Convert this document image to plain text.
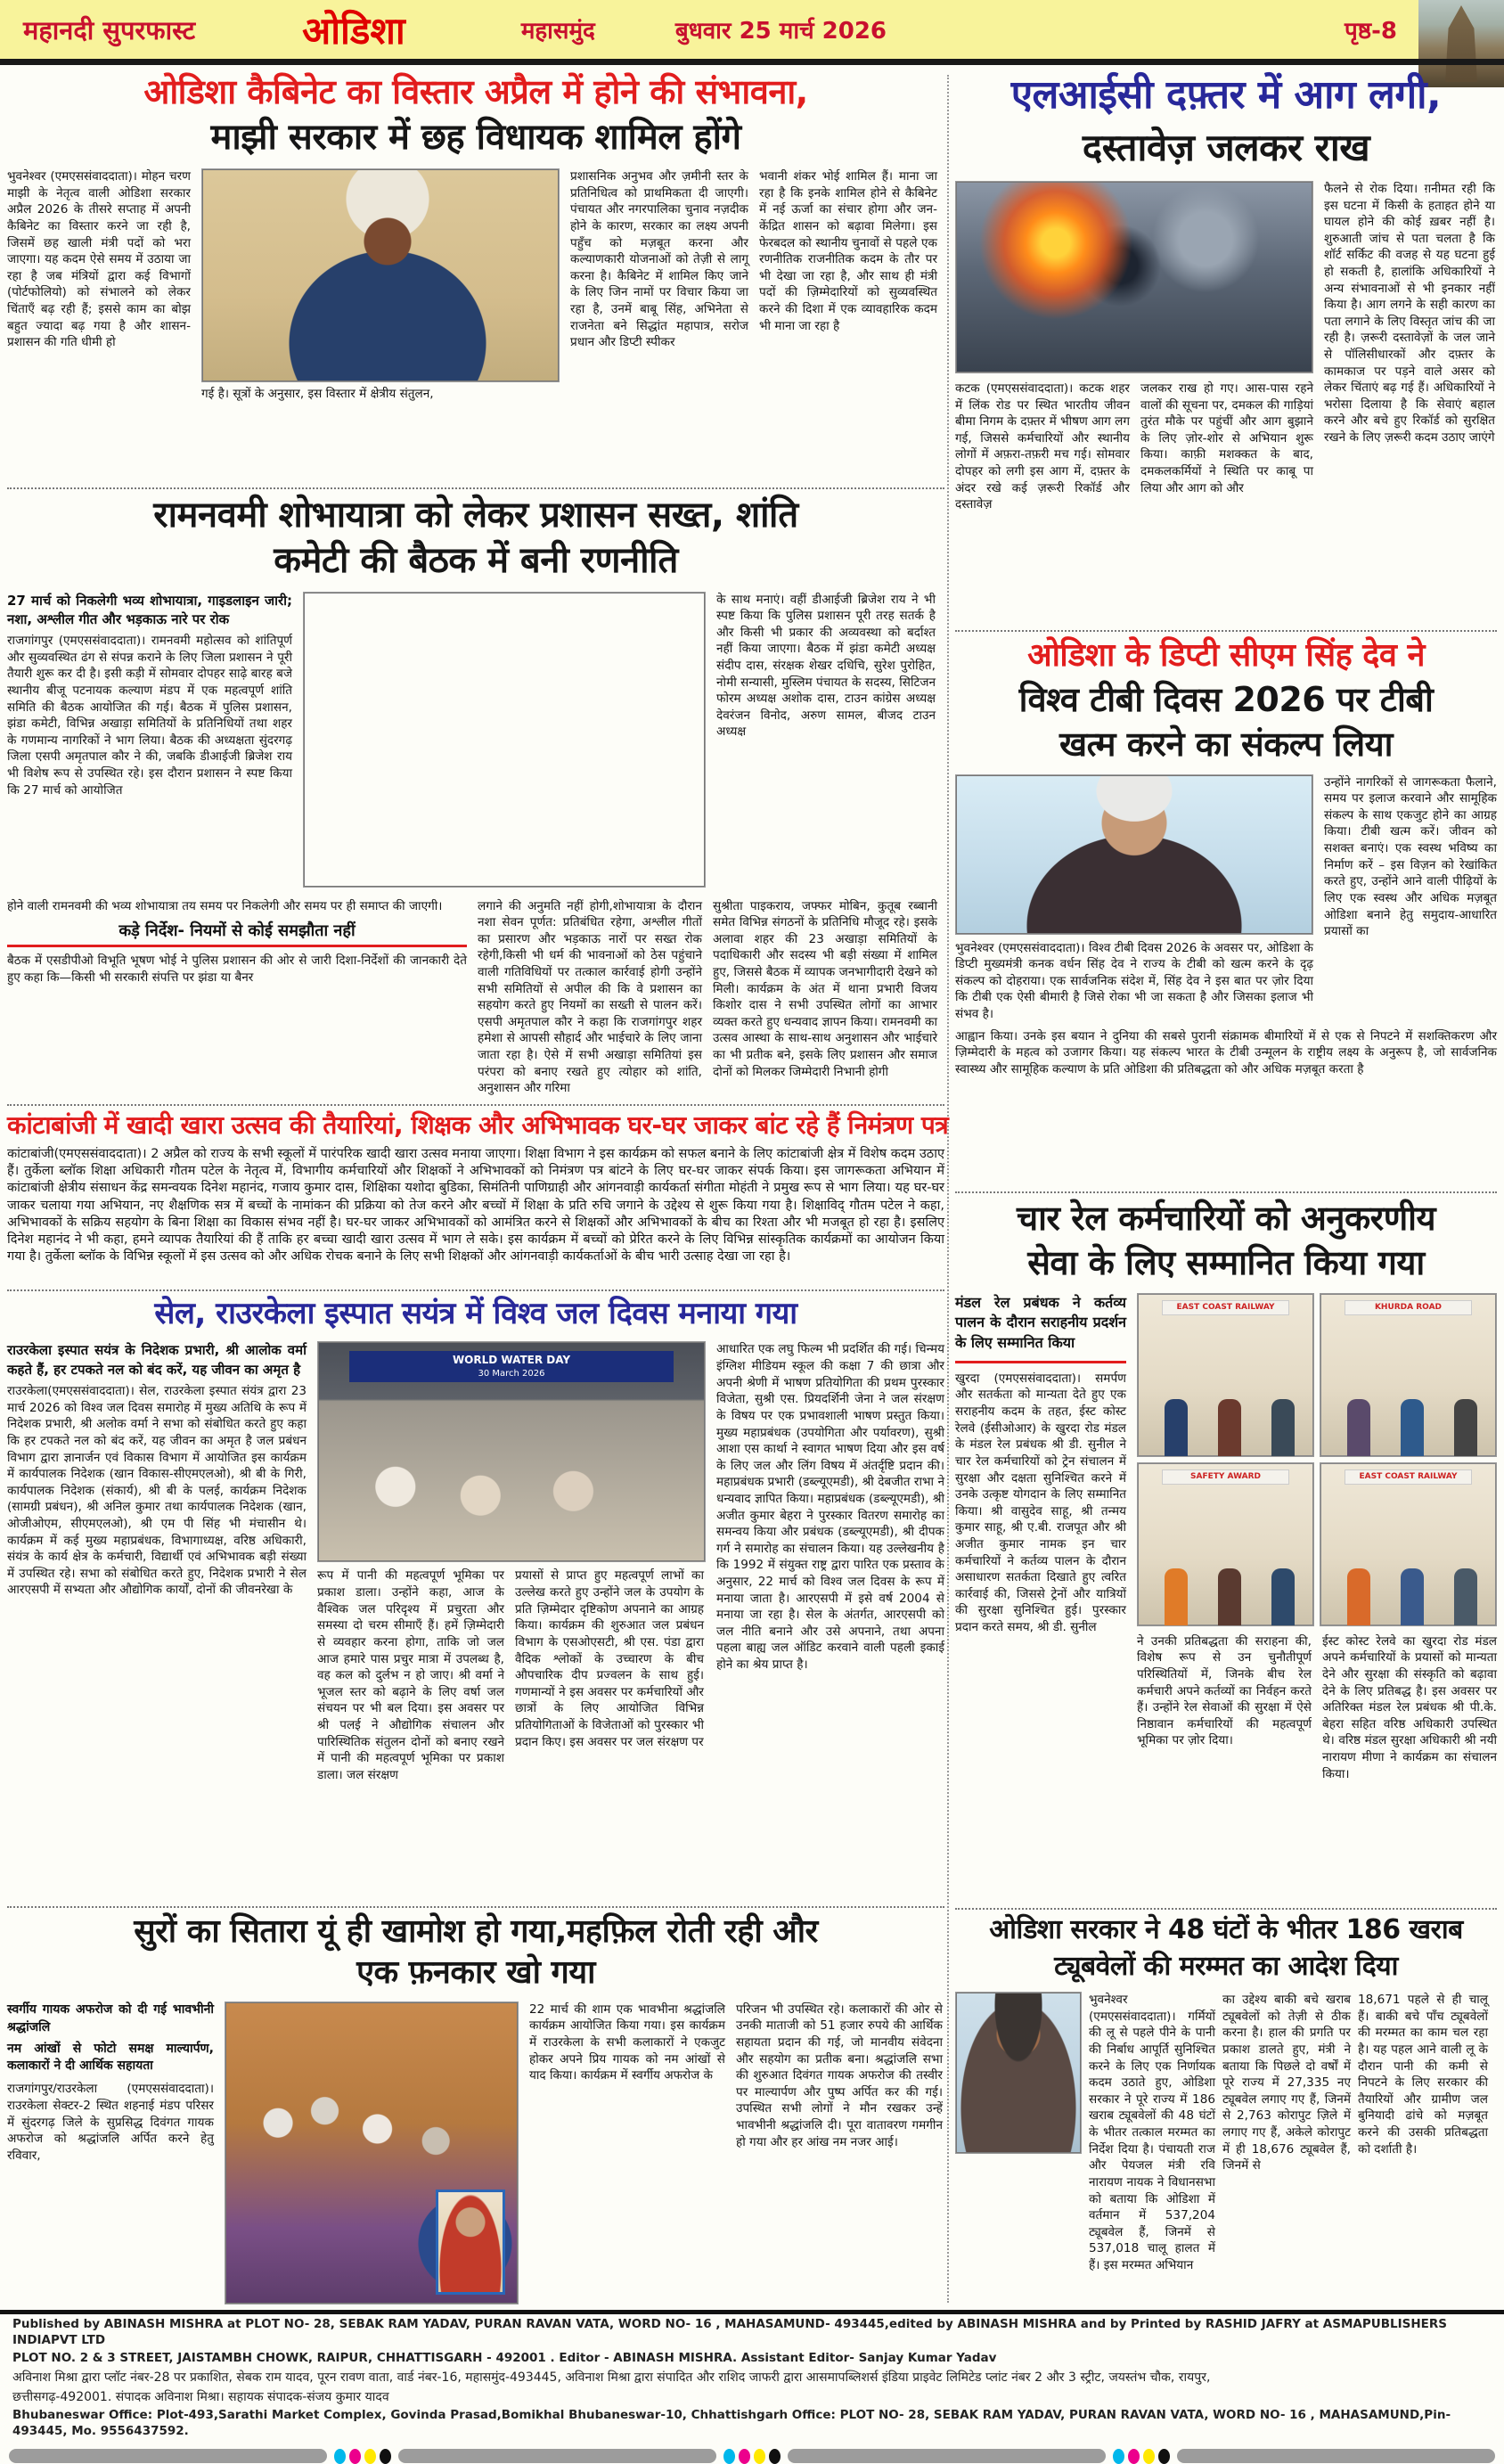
महानदी सुपरफास्ट	ओडिशा	महासमुंद	बुधवार 25 मार्च 2026	पृष्ठ-8
ओडिशा कैबिनेट का विस्तार अप्रैल में होने की संभावना,
माझी सरकार में छह विधायक शामिल होंगे
भुवनेश्वर (एमएससंवाददाता)। मोहन चरण माझी के नेतृत्व वाली ओडिशा सरकार अप्रैल 2026 के तीसरे सप्ताह में अपनी कैबिनेट का विस्तार करने जा रही है, जिसमें छह खाली मंत्री पदों को भरा जाएगा। यह कदम ऐसे समय में उठाया जा रहा है जब मंत्रियों द्वारा कई विभागों (पोर्टफोलियो) को संभालने को लेकर चिंताएँ बढ़ रही हैं; इससे काम का बोझ बहुत ज्यादा बढ़ गया है और शासन-प्रशासन की गति धीमी हो
गई है। सूत्रों के अनुसार, इस विस्तार में क्षेत्रीय संतुलन,
प्रशासनिक अनुभव और ज़मीनी स्तर के प्रतिनिधित्व को प्राथमिकता दी जाएगी। पंचायत और नगरपालिका चुनाव नज़दीक होने के कारण, सरकार का लक्ष्य अपनी पहुँच को मज़बूत करना और कल्याणकारी योजनाओं को तेज़ी से लागू करना है। कैबिनेट में शामिल किए जाने के लिए जिन नामों पर विचार किया जा रहा है, उनमें बाबू सिंह, अभिनेता से राजनेता बने सिद्धांत महापात्र, सरोज प्रधान और डिप्टी स्पीकर
भवानी शंकर भोई शामिल हैं। माना जा रहा है कि इनके शामिल होने से कैबिनेट में नई ऊर्जा का संचार होगा और जन-केंद्रित शासन को बढ़ावा मिलेगा। इस फेरबदल को स्थानीय चुनावों से पहले एक रणनीतिक राजनीतिक कदम के तौर पर भी देखा जा रहा है, और साथ ही मंत्री पदों की ज़िम्मेदारियों को सुव्यवस्थित करने की दिशा में एक व्यावहारिक कदम भी माना जा रहा है
रामनवमी शोभायात्रा को लेकर प्रशासन सख्त, शांति
कमेटी की बैठक में बनी रणनीति
27 मार्च को निकलेगी भव्य शोभायात्रा, गाइडलाइन जारी; नशा, अश्लील गीत और भड़काऊ नारे पर रोक
राजगांगपुर (एमएससंवाददाता)। रामनवमी महोत्सव को शांतिपूर्ण और सुव्यवस्थित ढंग से संपन्न कराने के लिए जिला प्रशासन ने पूरी तैयारी शुरू कर दी है। इसी कड़ी में सोमवार दोपहर साढ़े बारह बजे स्थानीय बीजू पटनायक कल्याण मंडप में एक महत्वपूर्ण शांति समिति की बैठक आयोजित की गई। बैठक में पुलिस प्रशासन, झंडा कमेटी, विभिन्न अखाड़ा समितियों के प्रतिनिधियों तथा शहर के गणमान्य नागरिकों ने भाग लिया। बैठक की अध्यक्षता सुंदरगढ़ जिला एसपी अमृतपाल कौर ने की, जबकि डीआईजी ब्रिजेश राय भी विशेष रूप से उपस्थित रहे। इस दौरान प्रशासन ने स्पष्ट किया कि 27 मार्च को आयोजित
के साथ मनाएं। वहीं डीआईजी ब्रिजेश राय ने भी स्पष्ट किया कि पुलिस प्रशासन पूरी तरह सतर्क है और किसी भी प्रकार की अव्यवस्था को बर्दाश्त नहीं किया जाएगा। बैठक में झंडा कमेटी अध्यक्ष संदीप दास, संरक्षक शेखर दधिचि, सुरेश पुरोहित, नोमी सन्यासी, मुस्लिम पंचायत के सदस्य, सिटिजन फोरम अध्यक्ष अशोक दास, टाउन कांग्रेस अध्यक्ष देवरंजन विनोद, अरुण सामल, बीजद टाउन अध्यक्ष
होने वाली रामनवमी की भव्य शोभायात्रा तय समय पर निकलेगी और समय पर ही समाप्त की जाएगी।
कड़े निर्देश- नियमों से कोई समझौता नहीं
बैठक में एसडीपीओ विभूति भूषण भोई ने पुलिस प्रशासन की ओर से जारी दिशा-निर्देशों की जानकारी देते हुए कहा कि—किसी भी सरकारी संपत्ति पर झंडा या बैनर
लगाने की अनुमति नहीं होगी,शोभायात्रा के दौरान नशा सेवन पूर्णत: प्रतिबंधित रहेगा, अश्लील गीतों का प्रसारण और भड़काऊ नारों पर सख्त रोक रहेगी,किसी भी धर्म की भावनाओं को ठेस पहुंचाने वाली गतिविधियों पर तत्काल कार्रवाई होगी उन्होंने सभी समितियों से अपील की कि वे प्रशासन का सहयोग करते हुए नियमों का सख्ती से पालन करें। एसपी अमृतपाल कौर ने कहा कि राजगांगपुर शहर हमेशा से आपसी सौहार्द और भाईचारे के लिए जाना जाता रहा है। ऐसे में सभी अखाड़ा समितियां इस परंपरा को बनाए रखते हुए त्योहार को शांति, अनुशासन और गरिमा
सुश्रीता पाइकराय, जफ्फर मोबिन, कुतूब रब्बानी समेत विभिन्न संगठनों के प्रतिनिधि मौजूद रहे। इसके अलावा शहर की 23 अखाड़ा समितियों के पदाधिकारी और सदस्य भी बड़ी संख्या में शामिल हुए, जिससे बैठक में व्यापक जनभागीदारी देखने को मिली। कार्यक्रम के अंत में थाना प्रभारी विजय किशोर दास ने सभी उपस्थित लोगों का आभार व्यक्त करते हुए धन्यवाद ज्ञापन किया। रामनवमी का उत्सव आस्था के साथ-साथ अनुशासन और भाईचारे का भी प्रतीक बने, इसके लिए प्रशासन और समाज दोनों को मिलकर जिम्मेदारी निभानी होगी
कांटाबांजी में खादी खारा उत्सव की तैयारियां, शिक्षक और अभिभावक घर-घर जाकर बांट रहे हैं निमंत्रण पत्र
कांटाबांजी(एमएससंवाददाता)। 2 अप्रैल को राज्य के सभी स्कूलों में पारंपरिक खादी खारा उत्सव मनाया जाएगा। शिक्षा विभाग ने इस कार्यक्रम को सफल बनाने के लिए कांटाबांजी क्षेत्र में विशेष कदम उठाए हैं। तुर्केला ब्लॉक शिक्षा अधिकारी गौतम पटेल के नेतृत्व में, विभागीय कर्मचारियों और शिक्षकों ने अभिभावकों को निमंत्रण पत्र बांटने के लिए घर-घर जाकर संपर्क किया। इस जागरूकता अभियान में कांटाबांजी क्षेत्रीय संसाधन केंद्र समन्वयक दिनेश महानंद, गजाय कुमार दास, शिक्षिका यशोदा बुडिका, सिमंतिनी पाणिग्राही और आंगनवाड़ी कार्यकर्ता संगीता मोहंती ने प्रमुख रूप से भाग लिया। यह घर-घर जाकर चलाया गया अभियान, नए शैक्षणिक सत्र में बच्चों के नामांकन की प्रक्रिया को तेज करने और बच्चों में शिक्षा के प्रति रुचि जगाने के उद्देश्य से शुरू किया गया है। शिक्षाविद् गौतम पटेल ने कहा, अभिभावकों के सक्रिय सहयोग के बिना शिक्षा का विकास संभव नहीं है। घर-घर जाकर अभिभावकों को आमंत्रित करने से शिक्षकों और अभिभावकों के बीच का रिश्ता और भी मजबूत हो रहा है। इसलिए दिनेश महानंद ने भी कहा, हमने व्यापक तैयारियां की हैं ताकि हर बच्चा खादी खारा उत्सव में भाग ले सके। इस कार्यक्रम में बच्चों को प्रेरित करने के लिए विभिन्न सांस्कृतिक कार्यक्रमों का आयोजन किया गया है। तुर्केला ब्लॉक के विभिन्न स्कूलों में इस उत्सव को और अधिक रोचक बनाने के लिए सभी शिक्षकों और आंगनवाड़ी कार्यकर्ताओं के बीच भारी उत्साह देखा जा रहा है।
सेल, राउरकेला इस्पात सयंत्र में विश्व जल दिवस मनाया गया
राउरकेला इस्पात सयंत्र के निदेशक प्रभारी, श्री आलोक वर्मा कहते हैं, हर टपकते नल को बंद करें, यह जीवन का अमृत है
राउरकेला(एमएससंवाददाता)। सेल, राउरकेला इस्पात संयंत्र द्वारा 23 मार्च 2026 को विश्व जल दिवस समारोह में मुख्य अतिथि के रूप में निदेशक प्रभारी, श्री अलोक वर्मा ने सभा को संबोधित करते हुए कहा कि हर टपकते नल को बंद करें, यह जीवन का अमृत है जल प्रबंधन विभाग द्वारा ज्ञानार्जन एवं विकास विभाग में आयोजित इस कार्यक्रम में कार्यपालक निदेशक (खान विकास-सीएमएलओ), श्री बी के गिरी, कार्यपालक निदेशक (संकार्य), श्री बी के पलई, कार्यक्रम निदेशक (सामग्री प्रबंधन), श्री अनिल कुमार तथा कार्यपालक निदेशक (खान, ओजीओएम, सीएमएलओ), श्री एम पी सिंह भी मंचासीन थे। कार्यक्रम में कई मुख्य महाप्रबंधक, विभागाध्यक्ष, वरिष्ठ अधिकारी, संयंत्र के कार्य क्षेत्र के कर्मचारी, विद्यार्थी एवं अभिभावक बड़ी संख्या में उपस्थित रहे। सभा को संबोधित करते हुए, निदेशक प्रभारी ने सेल आरएसपी में सभ्यता और औद्योगिक कार्यों, दोनों की जीवनरेखा के
WORLD WATER DAY
30 March 2026
रूप में पानी की महत्वपूर्ण भूमिका पर प्रकाश डाला। उन्होंने कहा, आज के वैश्विक जल परिदृश्य में प्रचुरता और समस्या दो चरम सीमाएँ हैं। हमें ज़िम्मेदारी से व्यवहार करना होगा, ताकि जो जल आज हमारे पास प्रचुर मात्रा में उपलब्ध है, वह कल को दुर्लभ न हो जाए। श्री वर्मा ने भूजल स्तर को बढ़ाने के लिए वर्षा जल संचयन पर भी बल दिया। इस अवसर पर श्री पलई ने औद्योगिक संचालन और पारिस्थितिक संतुलन दोनों को बनाए रखने में पानी की महत्वपूर्ण भूमिका पर प्रकाश डाला। जल संरक्षण
प्रयासों से प्राप्त हुए महत्वपूर्ण लाभों का उल्लेख करते हुए उन्होंने जल के उपयोग के प्रति ज़िम्मेदार दृष्टिकोण अपनाने का आग्रह किया। कार्यक्रम की शुरुआत जल प्रबंधन विभाग के एसओएसटी, श्री एस. पंडा द्वारा वैदिक श्लोकों के उच्चारण के बीच औपचारिक दीप प्रज्वलन के साथ हुई। गणमान्यों ने इस अवसर पर कर्मचारियों और छात्रों के लिए आयोजित विभिन्न प्रतियोगिताओं के विजेताओं को पुरस्कार भी प्रदान किए। इस अवसर पर जल संरक्षण पर
आधारित एक लघु फिल्म भी प्रदर्शित की गई। चिन्मय इंग्लिश मीडियम स्कूल की कक्षा 7 की छात्रा और अपनी श्रेणी में भाषण प्रतियोगिता की प्रथम पुरस्कार विजेता, सुश्री एस. प्रियदर्शिनी जेना ने जल संरक्षण के विषय पर एक प्रभावशाली भाषण प्रस्तुत किया। मुख्य महाप्रबंधक (उपयोगिता और पर्यावरण), सुश्री आशा एस कार्था ने स्वागत भाषण दिया और इस वर्ष के लिए जल और लिंग विषय में अंतर्दृष्टि प्रदान की। महाप्रबंधक प्रभारी (डब्ल्यूएमडी), श्री देबजीत राभा ने धन्यवाद ज्ञापित किया। महाप्रबंधक (डब्ल्यूएमडी), श्री अजीत कुमार बेहरा ने पुरस्कार वितरण समारोह का समन्वय किया और प्रबंधक (डब्ल्यूएमडी), श्री दीपक गर्ग ने समारोह का संचालन किया। यह उल्लेखनीय है कि 1992 में संयुक्त राष्ट्र द्वारा पारित एक प्रस्ताव के अनुसार, 22 मार्च को विश्व जल दिवस के रूप में मनाया जाता है। आरएसपी में इसे वर्ष 2004 से मनाया जा रहा है। सेल के अंतर्गत, आरएसपी को जल नीति बनाने और उसे अपनाने, तथा अपना पहला बाह्य जल ऑडिट करवाने वाली पहली इकाई होने का श्रेय प्राप्त है।
सुरों का सितारा यूं ही खामोश हो गया,महफ़िल रोती रही और
एक फ़नकार खो गया
स्वर्गीय गायक अफरोज को दी गई भावभीनी श्रद्धांजलि
नम आंखों से फोटो समक्ष माल्यार्पण, कलाकारों ने दी आर्थिक सहायता
राजगांगपुर/राउरकेला (एमएससंवाददाता)। राउरकेला सेक्टर-2 स्थित शहनाई मंडप परिसर में सुंदरगढ़ जिले के सुप्रसिद्ध दिवंगत गायक अफरोज को श्रद्धांजलि अर्पित करने हेतु रविवार,
22 मार्च की शाम एक भावभीना श्रद्धांजलि कार्यक्रम आयोजित किया गया। इस कार्यक्रम में राउरकेला के सभी कलाकारों ने एकजुट होकर अपने प्रिय गायक को नम आंखों से याद किया। कार्यक्रम में स्वर्गीय अफरोज के
परिजन भी उपस्थित रहे। कलाकारों की ओर से उनकी माताजी को 51 हजार रुपये की आर्थिक सहायता प्रदान की गई, जो मानवीय संवेदना और सहयोग का प्रतीक बना। श्रद्धांजलि सभा की शुरुआत दिवंगत गायक अफरोज की तस्वीर पर माल्यार्पण और पुष्प अर्पित कर की गई। उपस्थित सभी लोगों ने मौन रखकर उन्हें भावभीनी श्रद्धांजलि दी। पूरा वातावरण गमगीन हो गया और हर आंख नम नजर आई।
एलआईसी दफ़्तर में आग लगी,
दस्तावेज़ जलकर राख
कटक (एमएससंवाददाता)। कटक शहर में लिंक रोड पर स्थित भारतीय जीवन बीमा निगम के दफ़्तर में भीषण आग लग गई, जिससे कर्मचारियों और स्थानीय लोगों में अफ़रा-तफ़री मच गई। सोमवार दोपहर को लगी इस आग में, दफ़्तर के अंदर रखे कई ज़रूरी रिकॉर्ड और दस्तावेज़
जलकर राख हो गए। आस-पास रहने वालों की सूचना पर, दमकल की गाड़ियां तुरंत मौके पर पहुंचीं और आग बुझाने के लिए ज़ोर-शोर से अभियान शुरू किया। काफ़ी मशक्कत के बाद, दमकलकर्मियों ने स्थिति पर काबू पा लिया और आग को और
फैलने से रोक दिया। ग़नीमत रही कि इस घटना में किसी के हताहत होने या घायल होने की कोई ख़बर नहीं है। शुरुआती जांच से पता चलता है कि शॉर्ट सर्किट की वजह से यह घटना हुई हो सकती है, हालांकि अधिकारियों ने अन्य संभावनाओं से भी इनकार नहीं किया है। आग लगने के सही कारण का पता लगाने के लिए विस्तृत जांच की जा रही है। ज़रूरी दस्तावेज़ों के जल जाने से पॉलिसीधारकों और दफ़्तर के कामकाज पर पड़ने वाले असर को लेकर चिंताएं बढ़ गई हैं। अधिकारियों ने भरोसा दिलाया है कि सेवाएं बहाल करने और बचे हुए रिकॉर्ड को सुरक्षित रखने के लिए ज़रूरी कदम उठाए जाएंगे
ओडिशा के डिप्टी सीएम सिंह देव ने
विश्व टीबी दिवस 2026 पर टीबी
खत्म करने का संकल्प लिया
भुवनेश्वर (एमएससंवाददाता)। विश्व टीबी दिवस 2026 के अवसर पर, ओडिशा के डिप्टी मुख्यमंत्री कनक वर्धन सिंह देव ने राज्य के टीबी को खत्म करने के दृढ़ संकल्प को दोहराया। एक सार्वजनिक संदेश में, सिंह देव ने इस बात पर ज़ोर दिया कि टीबी एक ऐसी बीमारी है जिसे रोका भी जा सकता है और जिसका इलाज भी संभव है।
उन्होंने नागरिकों से जागरूकता फैलाने, समय पर इलाज करवाने और सामूहिक संकल्प के साथ एकजुट होने का आग्रह किया। टीबी खत्म करें। जीवन को सशक्त बनाएं। एक स्वस्थ भविष्य का निर्माण करें – इस विज़न को रेखांकित करते हुए, उन्होंने आने वाली पीढ़ियों के लिए एक स्वस्थ और अधिक मज़बूत ओडिशा बनाने हेतु समुदाय-आधारित प्रयासों का
आह्वान किया। उनके इस बयान ने दुनिया की सबसे पुरानी संक्रामक बीमारियों में से एक से निपटने में सशक्तिकरण और ज़िम्मेदारी के महत्व को उजागर किया। यह संकल्प भारत के टीबी उन्मूलन के राष्ट्रीय लक्ष्य के अनुरूप है, जो सार्वजनिक स्वास्थ्य और सामूहिक कल्याण के प्रति ओडिशा की प्रतिबद्धता को और अधिक मज़बूत करता है
चार रेल कर्मचारियों को अनुकरणीय
सेवा के लिए सम्मानित किया गया
मंडल रेल प्रबंधक ने कर्तव्य पालन के दौरान सराहनीय प्रदर्शन के लिए सम्मानित किया
खुरदा (एमएससंवाददाता)। समर्पण और सतर्कता को मान्यता देते हुए एक सराहनीय कदम के तहत, ईस्ट कोस्ट रेलवे (ईसीओआर) के खुरदा रोड मंडल के मंडल रेल प्रबंधक श्री डी. सुनील ने चार रेल कर्मचारियों को ट्रेन संचालन में सुरक्षा और दक्षता सुनिश्चित करने में उनके उत्कृष्ट योगदान के लिए सम्मानित किया। श्री वासुदेव साहू, श्री तन्मय कुमार साहू, श्री ए.बी. राजपूत और श्री अजीत कुमार नामक इन चार कर्मचारियों ने कर्तव्य पालन के दौरान असाधारण सतर्कता दिखाते हुए त्वरित कार्रवाई की, जिससे ट्रेनों और यात्रियों की सुरक्षा सुनिश्चित हुई। पुरस्कार प्रदान करते समय, श्री डी. सुनील
EAST COAST RAILWAY	KHURDA ROAD
SAFETY AWARD	EAST COAST RAILWAY
ने उनकी प्रतिबद्धता की सराहना की, विशेष रूप से उन चुनौतीपूर्ण परिस्थितियों में, जिनके बीच रेल कर्मचारी अपने कर्तव्यों का निर्वहन करते हैं। उन्होंने रेल सेवाओं की सुरक्षा में ऐसे निष्ठावान कर्मचारियों की महत्वपूर्ण भूमिका पर ज़ोर दिया।
ईस्ट कोस्ट रेलवे का खुरदा रोड मंडल अपने कर्मचारियों के प्रयासों को मान्यता देने और सुरक्षा की संस्कृति को बढ़ावा देने के लिए प्रतिबद्ध है। इस अवसर पर अतिरिक्त मंडल रेल प्रबंधक श्री पी.के. बेहरा सहित वरिष्ठ अधिकारी उपस्थित थे। वरिष्ठ मंडल सुरक्षा अधिकारी श्री नयी नारायण मीणा ने कार्यक्रम का संचालन किया।
ओडिशा सरकार ने 48 घंटों के भीतर 186 खराब
ट्यूबवेलों की मरम्मत का आदेश दिया
भुवनेश्वर (एमएससंवाददाता)। गर्मियों की लू से पहले पीने के पानी की निर्बाध आपूर्ति सुनिश्चित करने के लिए एक निर्णायक कदम उठाते हुए, ओडिशा सरकार ने पूरे राज्य में 186 खराब ट्यूबवेलों की 48 घंटों के भीतर तत्काल मरम्मत का निर्देश दिया है। पंचायती राज और पेयजल मंत्री रवि नारायण नायक ने विधानसभा को बताया कि ओडिशा में वर्तमान में 537,204 ट्यूबवेल हैं, जिनमें से 537,018 चालू हालत में हैं। इस मरम्मत अभियान
का उद्देश्य बाकी बचे खराब ट्यूबवेलों को तेज़ी से ठीक करना है। हाल की प्रगति पर प्रकाश डालते हुए, मंत्री ने बताया कि पिछले दो वर्षों में पूरे राज्य में 27,335 नए ट्यूबवेल लगाए गए हैं, जिनमें से 2,763 कोरापुट ज़िले में लगाए गए हैं, अकेले कोरापुट में ही 18,676 ट्यूबवेल हैं, जिनमें से
18,671 पहले से ही चालू हैं। बाकी बचे पाँच ट्यूबवेलों की मरम्मत का काम चल रहा है। यह पहल आने वाली लू के दौरान पानी की कमी से निपटने के लिए सरकार की तैयारियों और ग्रामीण जल बुनियादी ढांचे को मज़बूत करने की उसकी प्रतिबद्धता को दर्शाती है।
Published by ABINASH MISHRA at PLOT NO- 28, SEBAK RAM YADAV, PURAN RAVAN VATA, WORD NO- 16 , MAHASAMUND- 493445,edited by ABINASH MISHRA and by Printed by RASHID JAFRY at ASMAPUBLISHERS INDIAPVT LTD
PLOT NO. 2 & 3 STREET, JAISTAMBH CHOWK, RAIPUR, CHHATTISGARH - 492001 . Editor - ABINASH MISHRA. Assistant Editor- Sanjay Kumar Yadav
अविनाश मिश्रा द्वारा प्लॉट नंबर-28 पर प्रकाशित, सेबक राम यादव, पूरन रावण वाता, वार्ड नंबर-16, महासमुंद-493445, अविनाश मिश्रा द्वारा संपादित और राशिद जाफरी द्वारा आसमापब्लिशर्स इंडिया प्राइवेट लिमिटेड प्लांट नंबर 2 और 3 स्ट्रीट, जयस्तंभ चौक, रायपुर,
छत्तीसगढ़-492001. संपादक अविनाश मिश्रा। सहायक संपादक-संजय कुमार यादव
Bhubaneswar Office: Plot-493,Sarathi Market Complex, Govinda Prasad,Bomikhal Bhubaneswar-10, Chhattishgarh Office: PLOT NO- 28, SEBAK RAM YADAV, PURAN RAVAN VATA, WORD NO- 16 , MAHASAMUND,Pin- 493445, Mo. 9556437592.
